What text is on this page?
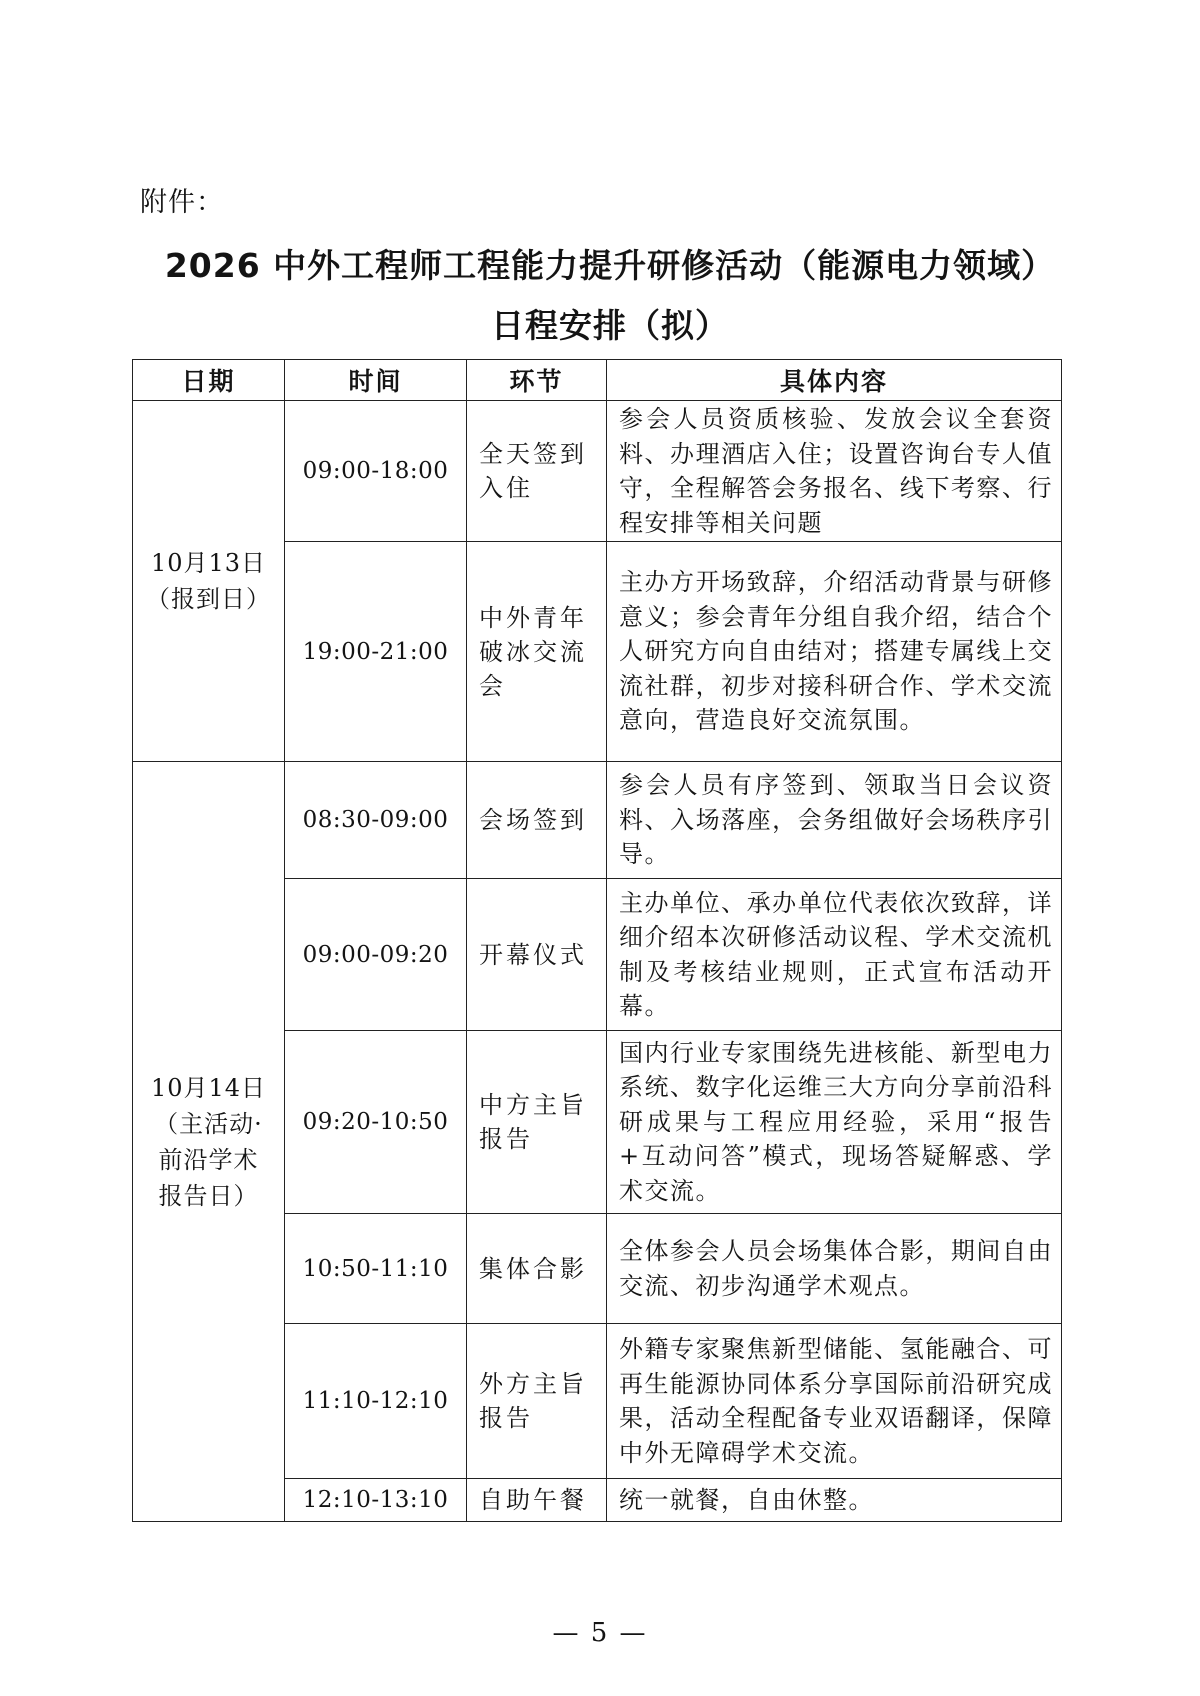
附件：
2026 中外工程师工程能力提升研修活动（能源电力领域）
日程安排（拟）
日期	时间	环节	具体内容

10月13日
（报到日）	09:00-18:00	全天签到入住	参会人员资质核验、发放会议全套资料、办理酒店入住；设置咨询台专人值守，全程解答会务报名、线下考察、行程安排等相关问题
	19:00-21:00	中外青年破冰交流会	主办方开场致辞，介绍活动背景与研修意义；参会青年分组自我介绍，结合个人研究方向自由结对；搭建专属线上交流社群，初步对接科研合作、学术交流意向，营造良好交流氛围。

10月14日
（主活动·
前沿学术
报告日）	08:30-09:00	会场签到	参会人员有序签到、领取当日会议资料、入场落座，会务组做好会场秩序引导。
	09:00-09:20	开幕仪式	主办单位、承办单位代表依次致辞，详细介绍本次研修活动议程、学术交流机制及考核结业规则，正式宣布活动开幕。
	09:20-10:50	中方主旨报告	国内行业专家围绕先进核能、新型电力系统、数字化运维三大方向分享前沿科研成果与工程应用经验，采用“报告+互动问答”模式，现场答疑解惑、学术交流。
	10:50-11:10	集体合影	全体参会人员会场集体合影，期间自由交流、初步沟通学术观点。
	11:10-12:10	外方主旨报告	外籍专家聚焦新型储能、氢能融合、可再生能源协同体系分享国际前沿研究成果，活动全程配备专业双语翻译，保障中外无障碍学术交流。
	12:10-13:10	自助午餐	统一就餐，自由休整。
— 5 —
